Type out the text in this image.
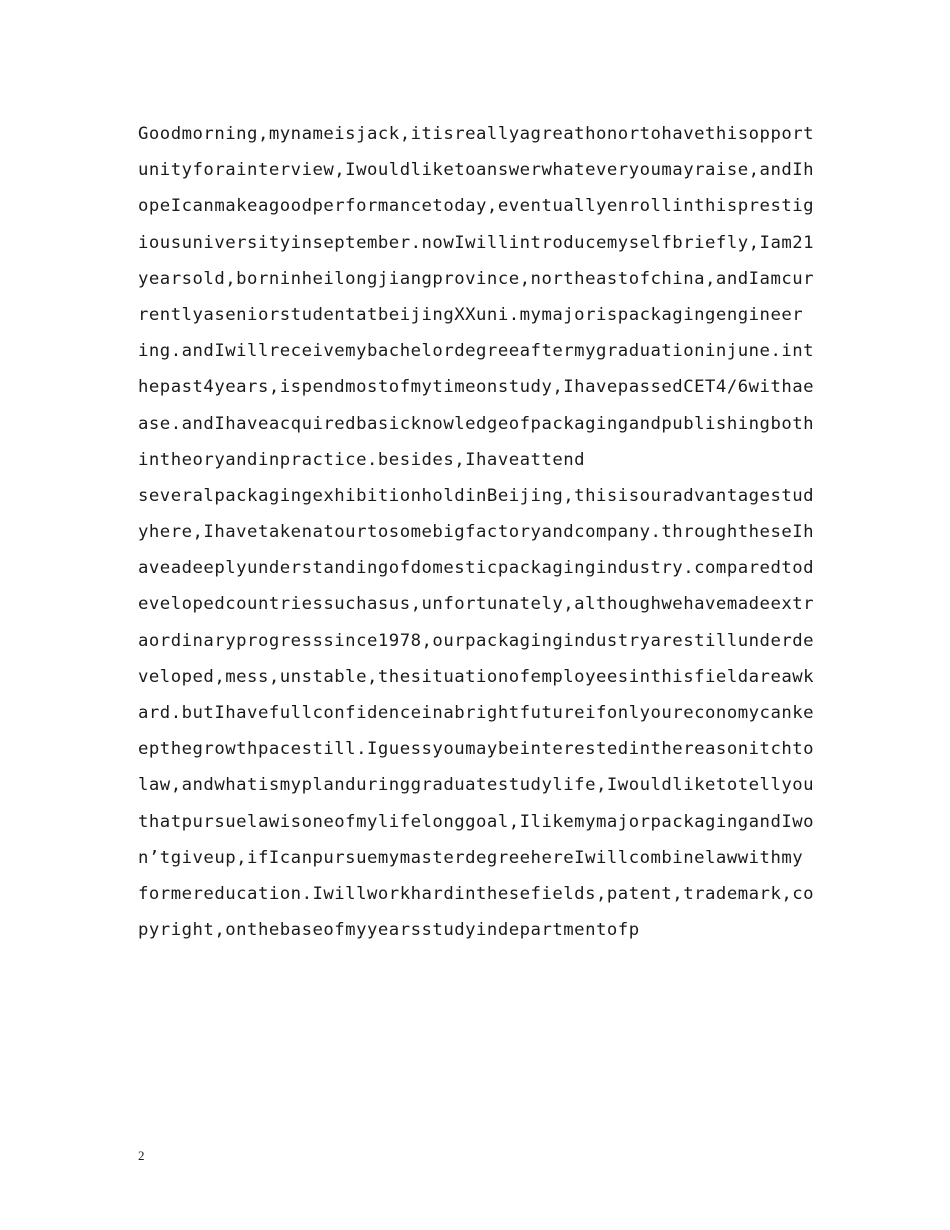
Goodmorning,mynameisjack,itisreallyagreathonortohavethisopport
unityforainterview,Iwouldliketoanswerwhateveryoumayraise,andIh
opeIcanmakeagoodperformancetoday,eventuallyenrollinthisprestig
iousuniversityinseptember.nowIwillintroducemyselfbriefly,Iam21
yearsold,borninheilongjiangprovince,northeastofchina,andIamcur
rentlyaseniorstudentatbeijingXXuni.mymajorispackagingengineer
ing.andIwillreceivemybachelordegreeaftermygraduationinjune.int
hepast4years,ispendmostofmytimeonstudy,IhavepassedCET4/6withae
ase.andIhaveacquiredbasicknowledgeofpackagingandpublishingboth
intheoryandinpractice.besides,Ihaveattend
severalpackagingexhibitionholdinBeijing,thisisouradvantagestud
yhere,Ihavetakenatourtosomebigfactoryandcompany.throughtheseIh
aveadeeplyunderstandingofdomesticpackagingindustry.comparedtod
evelopedcountriessuchasus,unfortunately,althoughwehavemadeextr
aordinaryprogresssince1978,ourpackagingindustryarestillunderde
veloped,mess,unstable,thesituationofemployeesinthisfieldareawk
ard.butIhavefullconfidenceinabrightfutureifonlyoureconomycanke
epthegrowthpacestill.Iguessyoumaybeinterestedinthereasonitchto
law,andwhatismyplanduringgraduatestudylife,Iwouldliketotellyou
thatpursuelawisoneofmylifelonggoal,IlikemymajorpackagingandIwo
n’tgiveup,ifIcanpursuemymasterdegreehereIwillcombinelawwithmy
formereducation.Iwillworkhardinthesefields,patent,trademark,co
pyright,onthebaseofmyyearsstudyindepartmentofp
2
